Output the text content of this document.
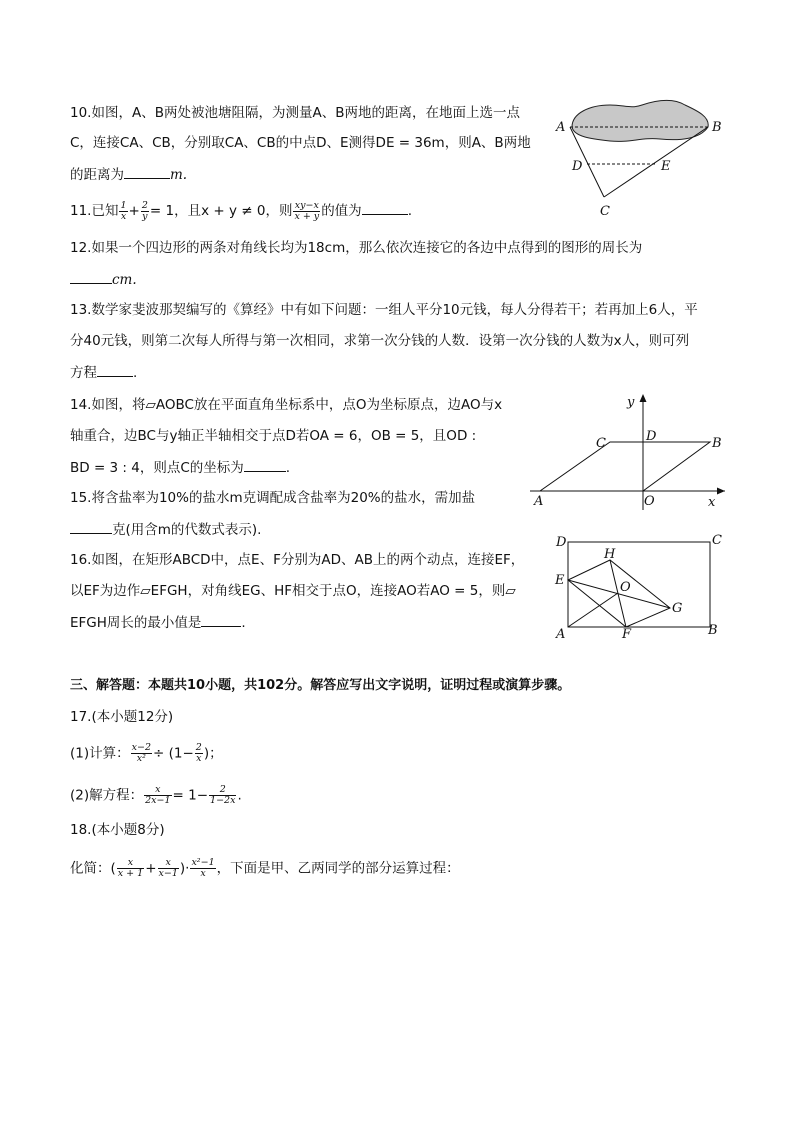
10.如图，A、B两处被池塘阻隔，为测量A、B两地的距离，在地面上选一点
C，连接CA、CB，分别取CA、CB的中点D、E测得DE = 36m，则A、B两地
的距离为	m.
A	B
D	E
C
11.已知 $\frac{1}{x} + \frac{2}{y} = 1$，且x + y ≠ 0，则 $\frac{xy-x}{x + y}$ 的值为	.
12.如果一个四边形的两条对角线长均为18cm，那么依次连接它的各边中点得到的图形的周长为
cm.
13.数学家斐波那契编写的《算经》中有如下问题：一组人平分10元钱，每人分得若干；若再加上6人，平
分40元钱，则第二次每人所得与第一次相同，求第一次分钱的人数．设第一次分钱的人数为x人，则可列
方程	.
14.如图，将▱AOBC放在平面直角坐标系中，点O为坐标原点，边AO与x
轴重合，边BC与y轴正半轴相交于点D若OA = 6，OB = 5，且OD :
BD = 3 : 4，则点C的坐标为	.
y
x
C	D	B
A	O
15.将含盐率为10%的盐水m克调配成含盐率为20%的盐水，需加盐
克(用含m的代数式表示).
16.如图，在矩形ABCD中，点E、F分别为AD、AB上的两个动点，连接EF，
以EF为边作▱EFGH，对角线EG、HF相交于点O，连接AO若AO = 5，则▱
EFGH周长的最小值是	.
D	C
H
E	O
G
A	F	B
三、解答题：本题共10小题，共102分。解答应写出文字说明，证明过程或演算步骤。
17.(本小题12分)
(1)计算： $\frac{x-2}{\text{x²}} \div (1- \frac{2}{x}$ )；
(2)解方程： $\frac{x}{2x-1} = 1- \frac{2}{1-2x}$ .
18.(本小题8分)
化简：( $\frac{x}{x + 1} + \frac{x}{x-1}$ )· $\frac{\text{x²−1}}{x}$ ，下面是甲、乙两同学的部分运算过程：
